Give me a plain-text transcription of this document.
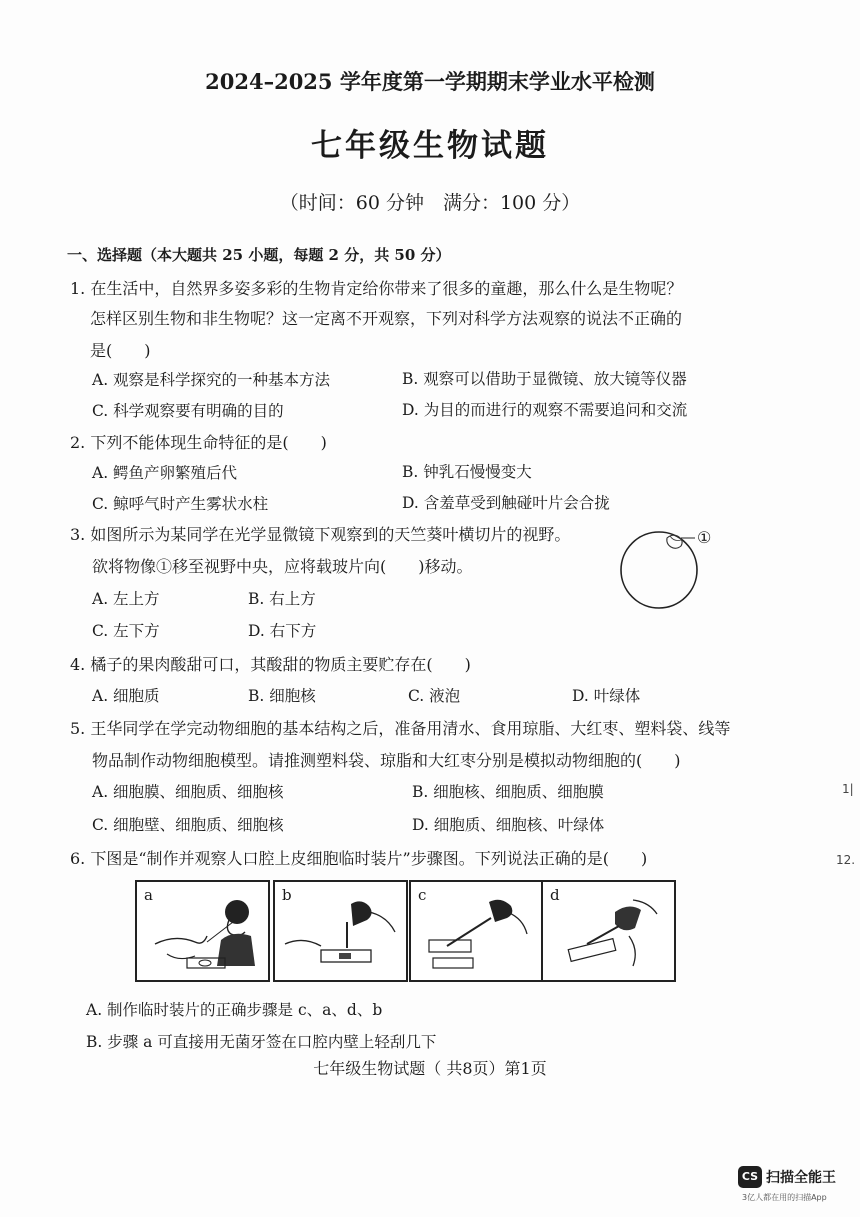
2024–2025 学年度第一学期期末学业水平检测
七年级生物试题
（时间：60 分钟　满分：100 分）
一、选择题（本大题共 25 小题，每题 2 分，共 50 分）
1. 在生活中，自然界多姿多彩的生物肯定给你带来了很多的童趣，那么什么是生物呢？
怎样区别生物和非生物呢？这一定离不开观察，下列对科学方法观察的说法不正确的
是(　　)
A. 观察是科学探究的一种基本方法	B. 观察可以借助于显微镜、放大镜等仪器
C. 科学观察要有明确的目的	D. 为目的而进行的观察不需要追问和交流
2. 下列不能体现生命特征的是(　　)
A. 鳄鱼产卵繁殖后代	B. 钟乳石慢慢变大
C. 鲸呼气时产生雾状水柱	D. 含羞草受到触碰叶片会合拢
3. 如图所示为某同学在光学显微镜下观察到的天竺葵叶横切片的视野。
欲将物像①移至视野中央，应将载玻片向(　　)移动。
A. 左上方	B. 右上方
C. 左下方	D. 右下方
①
4. 橘子的果肉酸甜可口，其酸甜的物质主要贮存在(　　)
A. 细胞质	B. 细胞核	C. 液泡	D. 叶绿体
5. 王华同学在学完动物细胞的基本结构之后，准备用清水、食用琼脂、大红枣、塑料袋、线等
物品制作动物细胞模型。请推测塑料袋、琼脂和大红枣分别是模拟动物细胞的(　　)
A. 细胞膜、细胞质、细胞核	B. 细胞核、细胞质、细胞膜
C. 细胞壁、细胞质、细胞核	D. 细胞质、细胞核、叶绿体
6. 下图是“制作并观察人口腔上皮细胞临时装片”步骤图。下列说法正确的是(　　)
a	b	c	d
A. 制作临时装片的正确步骤是 c、a、d、b
B. 步骤 a 可直接用无菌牙签在口腔内壁上轻刮几下
七年级生物试题（ 共8页）第1页
1|
12.
CS 扫描全能王
3亿人都在用的扫描App
